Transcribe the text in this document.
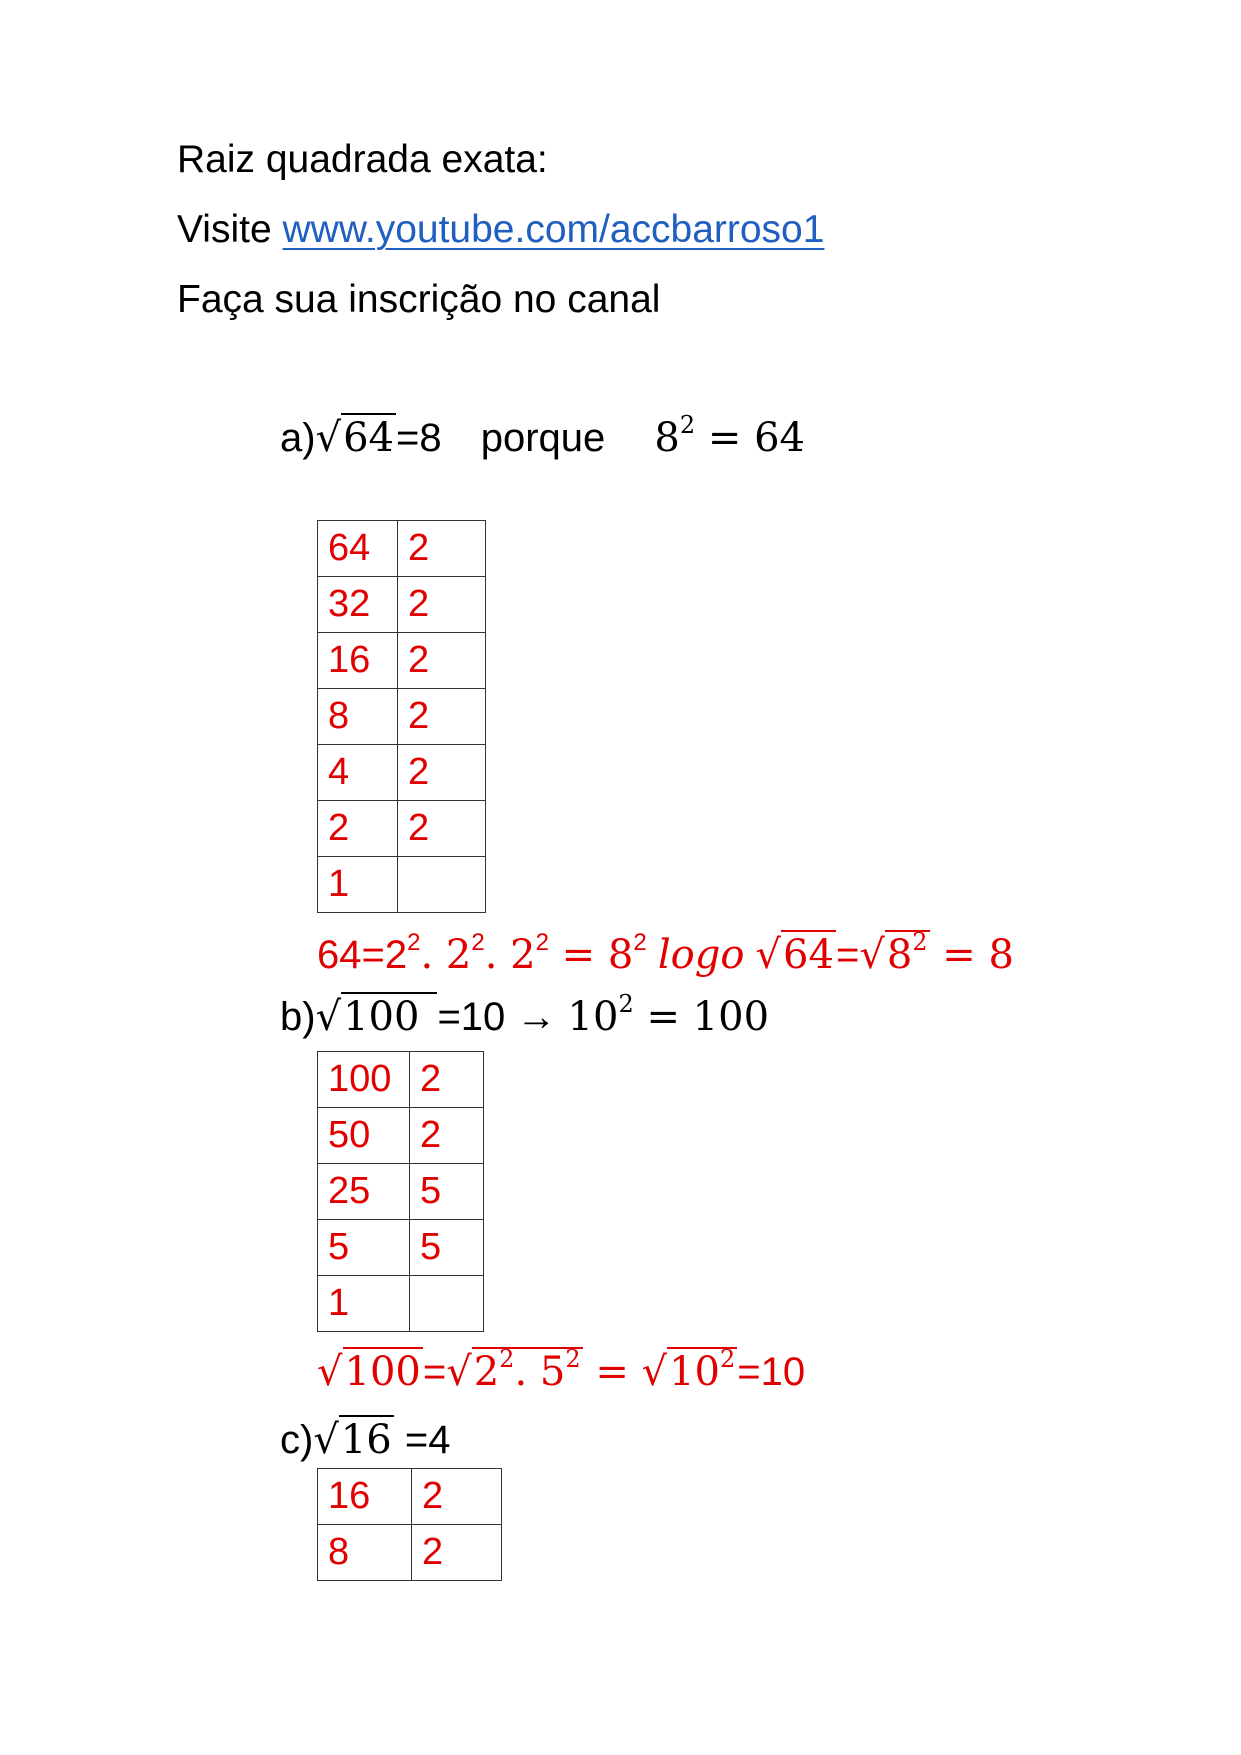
Raiz quadrada exata:
Visite www.youtube.com/accbarroso1
Faça sua inscrição no canal
a)√64=8 porque $8^2 = 64$
64	2
32	2
16	2
8	2
4	2
2	2
1	
$64=2^2$. $2^2$. $2^2 = 8^2$ logo $√64=√8^2 = 8$
$b)√100 =10 \to 10^2 = 100$
100	2
50	2
25	5
5	5
1	
$√100=√2^2$. $5^2 = √10^2=10$
c)√16 =4
16	2
8	2
